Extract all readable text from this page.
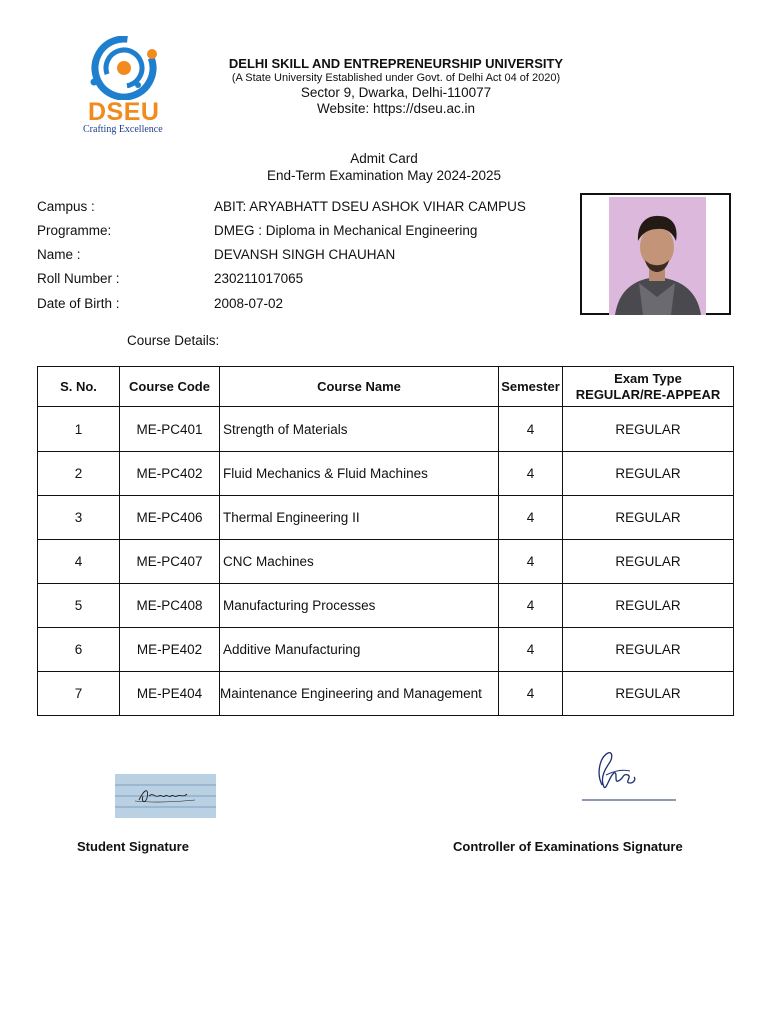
DSEU
Crafting Excellence
DELHI SKILL AND ENTREPRENEURSHIP UNIVERSITY
(A State University Established under Govt. of Delhi Act 04 of 2020)
Sector 9, Dwarka, Delhi-110077
Website: https://dseu.ac.in
Admit Card
End-Term Examination May 2024-2025
Campus :	ABIT: ARYABHATT DSEU ASHOK VIHAR CAMPUS
Programme:	DMEG : Diploma in Mechanical Engineering
Name :	DEVANSH SINGH CHAUHAN
Roll Number :	230211017065
Date of Birth :	2008-07-02
Course Details:
S. No.	Course Code	Course Name	Semester	Exam Type
REGULAR/RE-APPEAR

1	ME-PC401	Strength of Materials	4	REGULAR
2	ME-PC402	Fluid Mechanics & Fluid Machines	4	REGULAR
3	ME-PC406	Thermal Engineering II	4	REGULAR
4	ME-PC407	CNC Machines	4	REGULAR
5	ME-PC408	Manufacturing Processes	4	REGULAR
6	ME-PE402	Additive Manufacturing	4	REGULAR
7	ME-PE404	Maintenance Engineering and Management	4	REGULAR
Student Signature	Controller of Examinations Signature
